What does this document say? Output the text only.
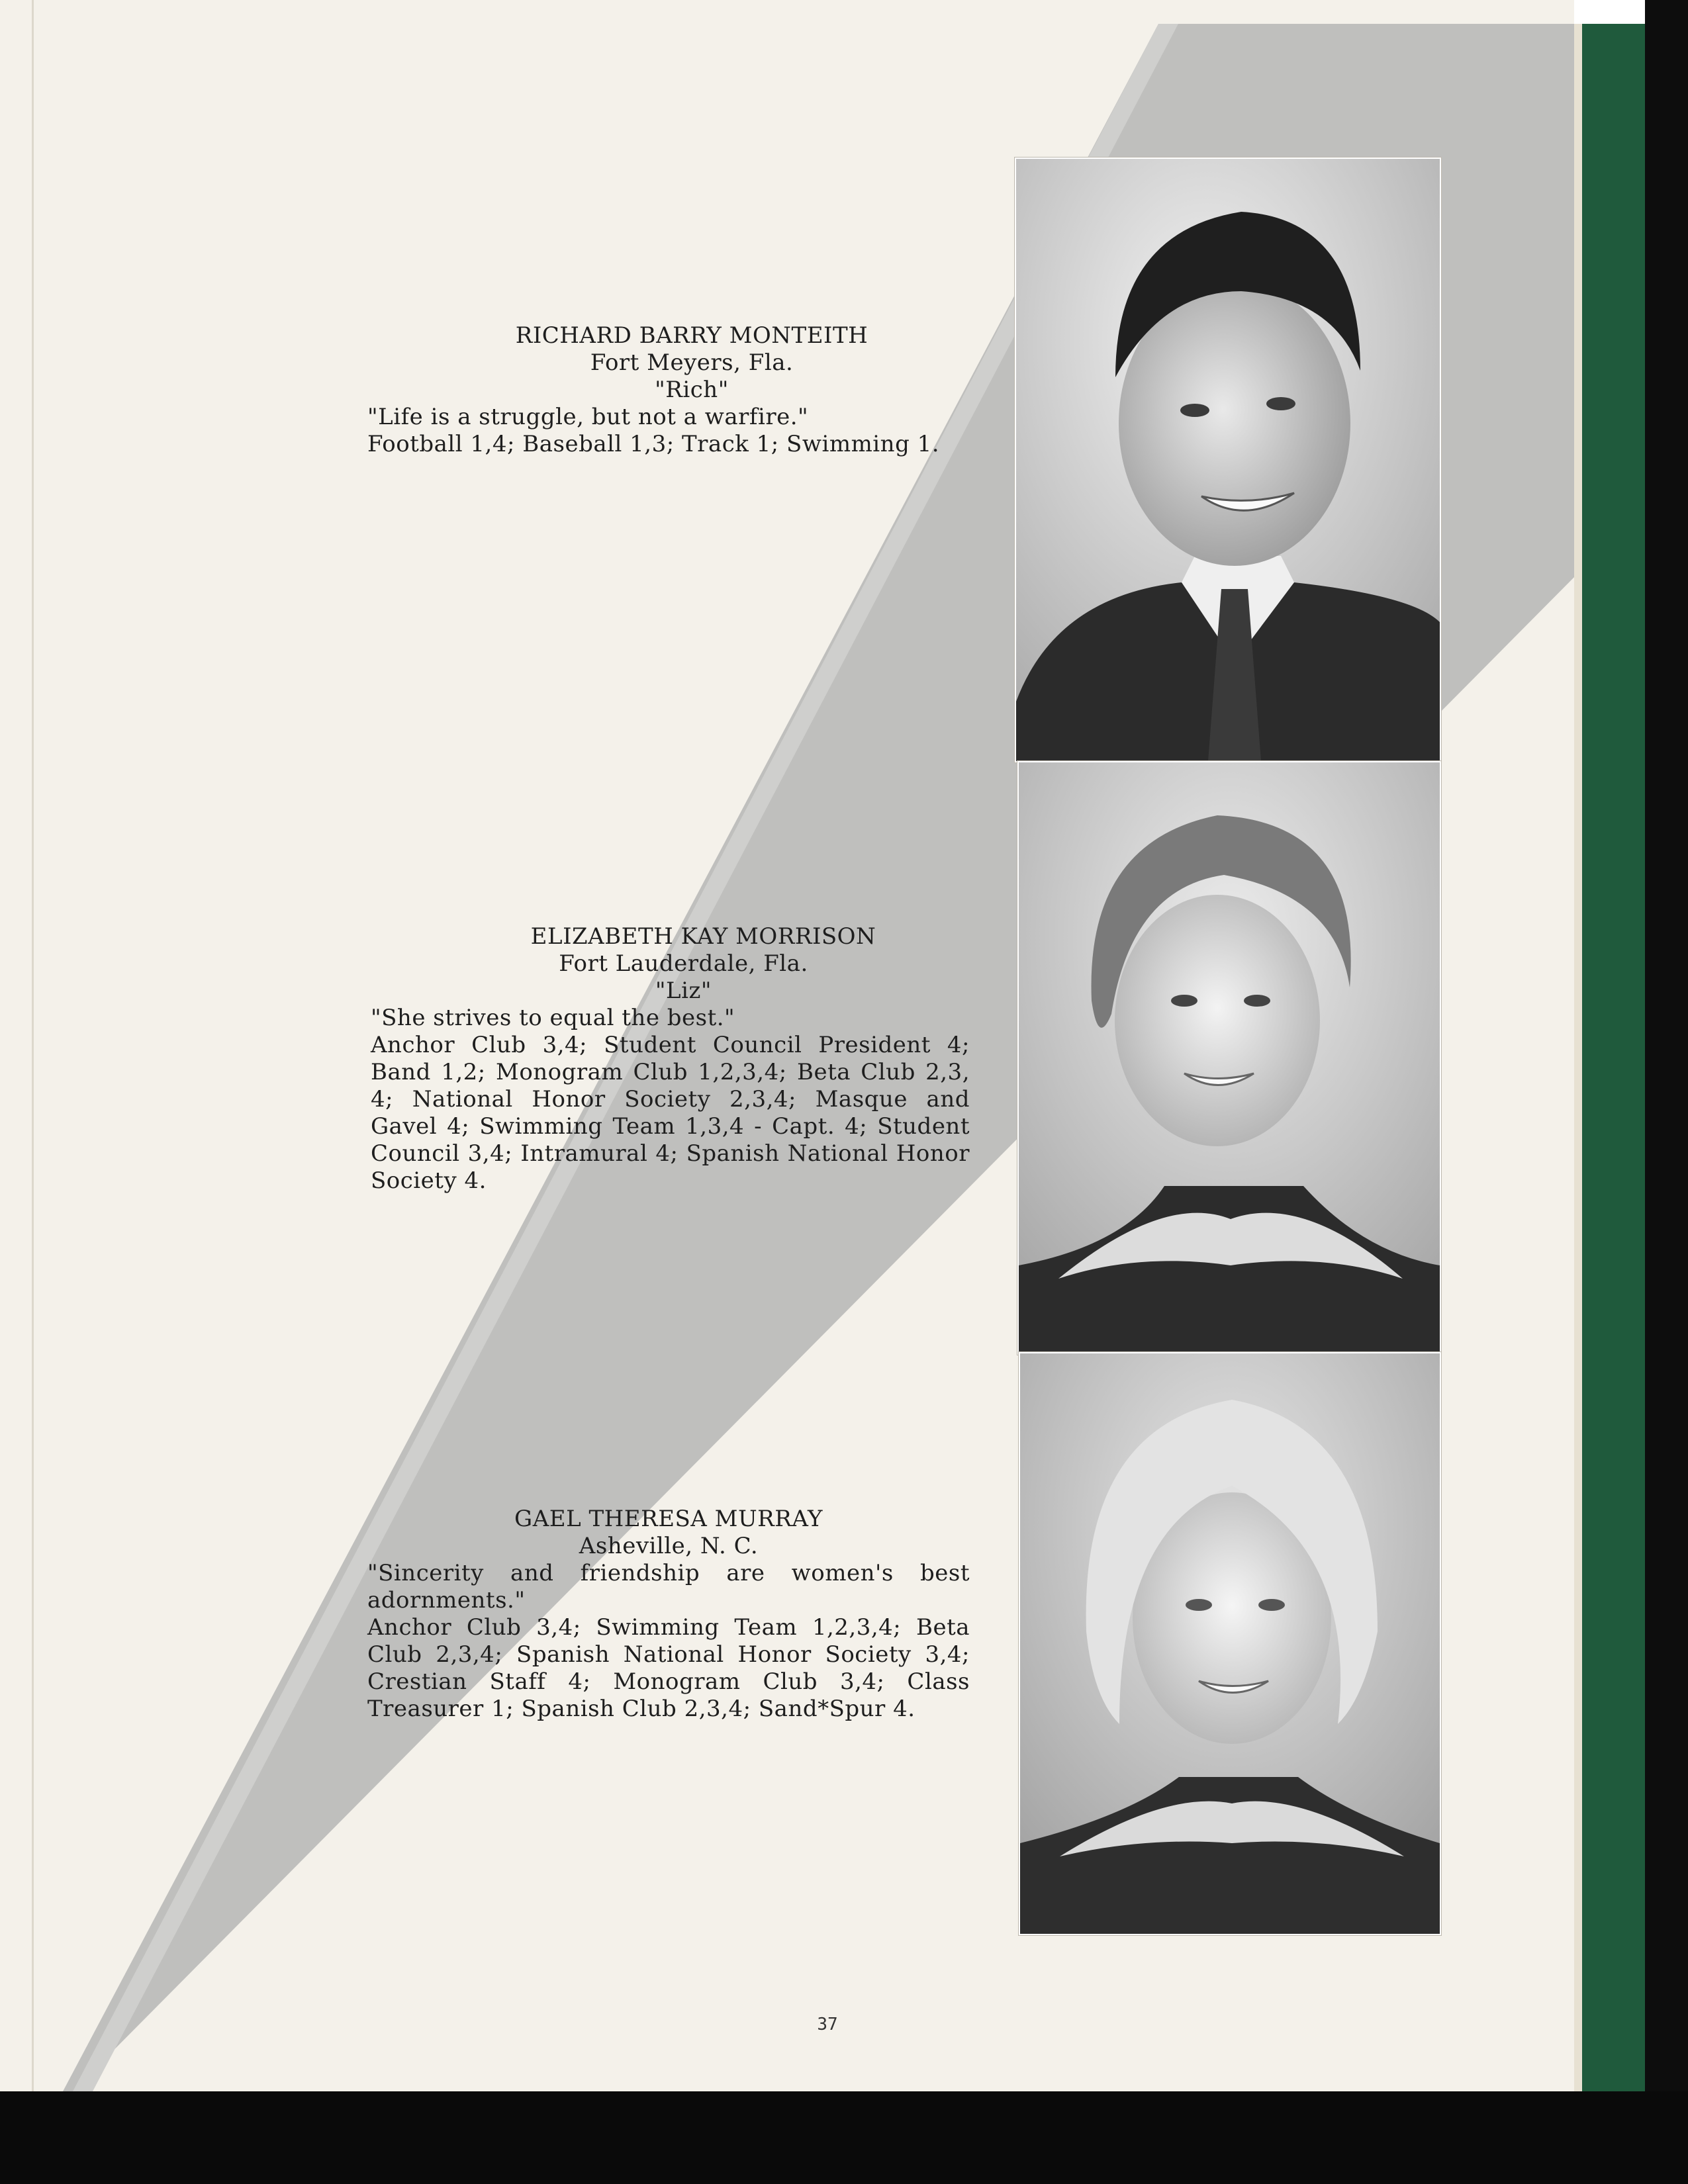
RICHARD BARRY MONTEITH
Fort Meyers, Fla.
"Rich"
"Life is a struggle, but not a warfire."
Football 1,4; Baseball 1,3; Track 1; Swimming 1.
ELIZABETH KAY MORRISON
Fort Lauderdale, Fla.
"Liz"
"She strives to equal the best."
Anchor Club 3,4; Student Council President 4; Band 1,2; Monogram Club 1,2,3,4; Beta Club 2,3, 4; National Honor Society 2,3,4; Masque and Gavel 4; Swimming Team 1,3,4 - Capt. 4; Student Council 3,4; Intramural 4; Spanish National Honor Society 4.
GAEL THERESA MURRAY
Asheville, N. C.
"Sincerity and friendship are women's best adornments."
Anchor Club 3,4; Swimming Team 1,2,3,4; Beta Club 2,3,4; Spanish National Honor Society 3,4; Crestian Staff 4; Monogram Club 3,4; Class Treasurer 1; Spanish Club 2,3,4; Sand*Spur 4.
37
